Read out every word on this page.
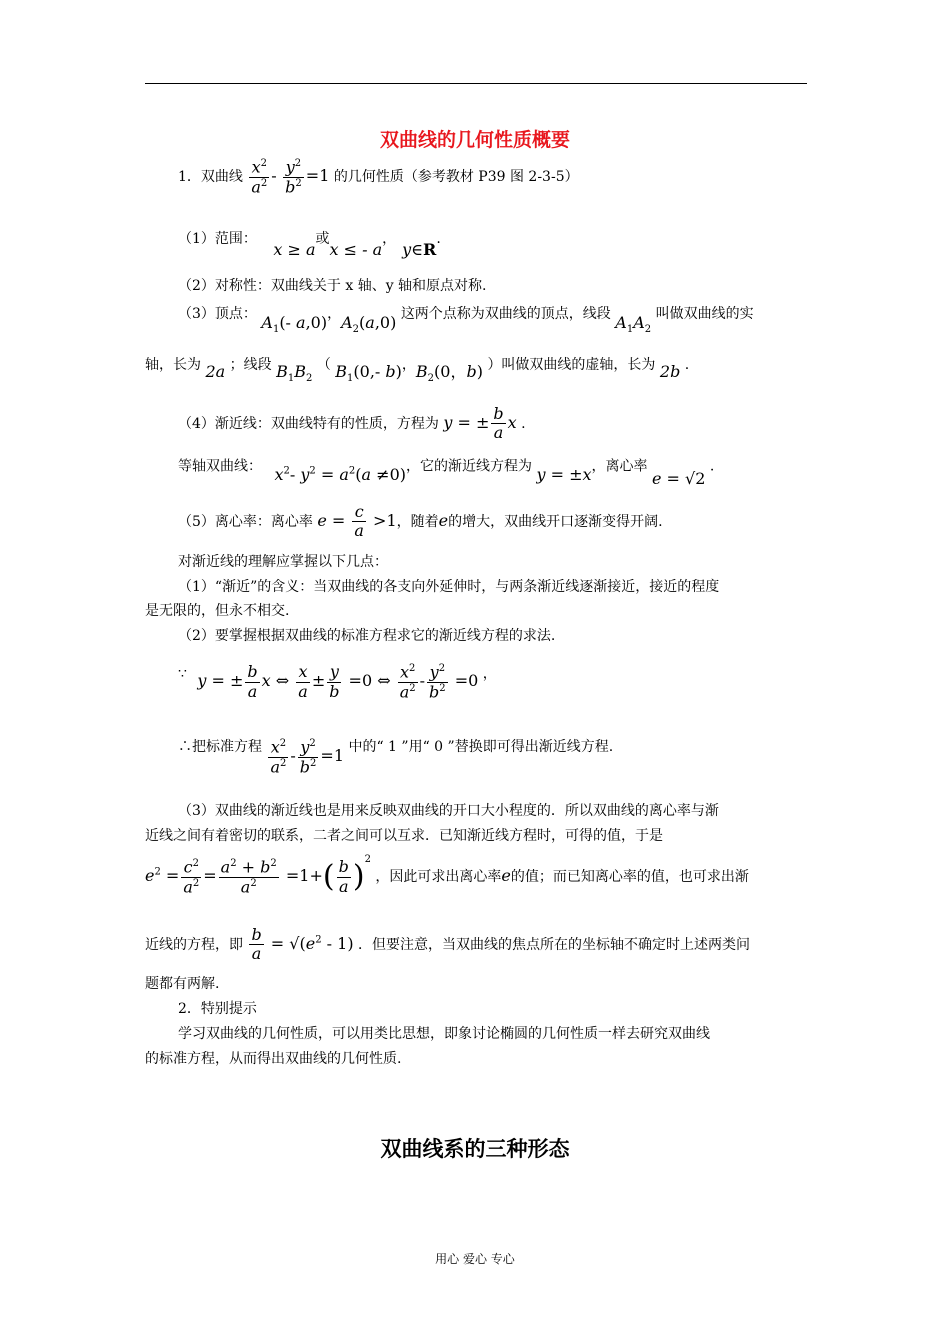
双曲线的几何性质概要
1．双曲线 $\frac{x^2}{a^2} - \frac{y^2}{b^2} =1$ 的几何性质（参考教材 P39 图 2-3-5）
（1）范围： x ≥ a或x ≤ - a，y∈R.
（2）对称性：双曲线关于 x 轴、y 轴和原点对称.
（3）顶点： $A_1(-$ a,0)，$A_2(a,0)$ 这两个点称为双曲线的顶点，线段 $A_1A_2$ 叫做双曲线的实
轴，长为 2a ；线段 $B_1B_2$ （ $B_1(0,-$ b)，$B_2(0$，b) ）叫做双曲线的虚轴，长为 2b .
（4）渐近线：双曲线特有的性质，方程为 y = ± $\frac{b}{a}$ x .
等轴双曲线： $x^2-$ $y^2 = a^2(a \ne 0)$，它的渐近线方程为 y = ±x，离心率 e = √2 .
（5）离心率：离心率 $e = \frac{c}{a} >1$，随着e的增大，双曲线开口逐渐变得开阔.
对渐近线的理解应掌握以下几点：
（1）“渐近”的含义：当双曲线的各支向外延伸时，与两条渐近线逐渐接近，接近的程度
是无限的，但永不相交.
（2）要掌握根据双曲线的标准方程求它的渐近线方程的求法.
∵ y = ± $\frac{b}{a}$ x ⇔ $\frac{x}{a} \pm \frac{y}{b} =0$ ⇔ $\frac{x^2}{a^2} - \frac{y^2}{b^2} =0$ ，
∴把标准方程 $\frac{x^2}{a^2} - \frac{y^2}{b^2} =1$ 中的“ 1 ”用“ 0 ”替换即可得出渐近线方程.
（3）双曲线的渐近线也是用来反映双曲线的开口大小程度的．所以双曲线的离心率与渐
近线之间有着密切的联系，二者之间可以互求．已知渐近线方程时，可得的值，于是
$e^2 = \frac{c^2}{a^2} = \frac{a^2 + b^2}{a^2} =1+( \frac{b}{a} )^2$ ，因此可求出离心率e的值；而已知离心率的值，也可求出渐
近线的方程，即 $\frac{b}{a} = √(e^2 - 1)$ ．但要注意，当双曲线的焦点所在的坐标轴不确定时上述两类问
题都有两解.
2．特别提示
学习双曲线的几何性质，可以用类比思想，即象讨论椭圆的几何性质一样去研究双曲线
的标准方程，从而得出双曲线的几何性质.
双曲线系的三种形态
用心 爱心 专心
